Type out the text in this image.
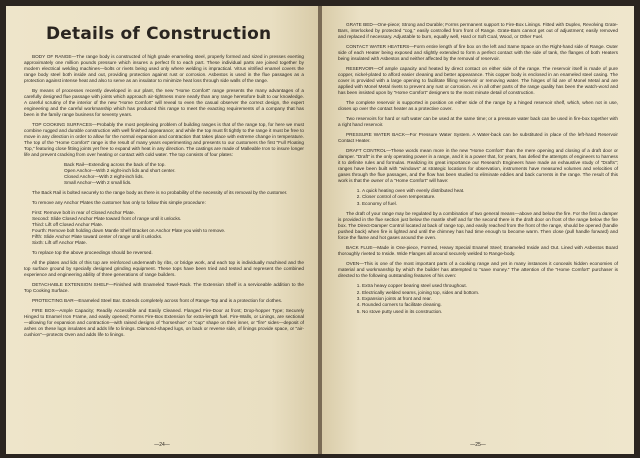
Details of Construction

BODY OF RANGE—The range body is constructed of high grade enameling steel, properly formed and sized in presses exerting approximately one million pounds pressure which insures a perfect fit to each part. These individual parts are joined together by modern electrical welding machines—bolts or rivets being used only where welding is impractical. Vitrus vitrified enamel covers the range body steel both inside and out, providing protection against rust or corrosion. Asbestos is used in the flue passages as a protection against intense heat and also to serve as an insulator to minimize heat loss through side walls of the range.

By means of processes recently developed in our plant, the new "Home Comfort" range presents the many advantages of a carefully designed flue passage with joints which approach air-tightness more nearly than any range heretofore built to our knowledge. A careful scrutiny of the interior of the new "Home Comfort" will reveal to even the casual observer the correct design, the expert engineering and the careful workmanship which has produced this range to meet the exacting requirements of a company that has been in the family range business for seventy years.

TOP COOKING SURFACES—Probably the most perplexing problem of building ranges is that of the range top, for here we must combine rugged and durable construction with well finished appearance; and while the top must fit tightly to the range it must be free to move in any direction in order to allow for the normal expansion and contraction that takes place with extreme change in temperature. The top of the "Home Comfort" range is the result of many years experimenting and presents to our customers the first "Full Floating Top," featuring close fitting joints yet free to expand with heat in any direction. The castings are made of Malleable Iron to insure longer life and prevent cracking from over heating or contact with cold water. The top consists of four plates:

Back Rail—Extending across the back of the top.
Open Anchor—With 2 eight-inch lids and short center.
Closed Anchor—With 2 eight-inch lids.
Small Anchor—With 2 small lids.

The Back Rail is bolted securely to the range body as there is no probability of the necessity of its removal by the customer.

To remove any Anchor Plates the customer has only to follow this simple procedure:

First: Remove bolt in rear of Closed Anchor Plate.
Second: Slide Closed Anchor Plate toward front of range until it unlocks.
Third: Lift off Closed Anchor Plate.
Fourth: Remove bolt holding down Mantle Shelf Bracket on Anchor Plate you wish to remove.
Fifth: Slide Anchor Plate toward center of range until it unlocks.
Sixth: Lift off Anchor Plate.

To replace top the above proceedings should be reversed.

All the plates and lids of this top are reinforced underneath by ribs, or bridge work, and each top is individually machined and the top surface ground by specially designed grinding equipment. These tops have been tried and tested and represent the combined experience and engineering ability of three generations of range builders.

DETACHABLE EXTENSION SHELF—Finished with Enameled Towel-Rack. The Extension Shelf is a serviceable addition to the Top Cooking Surface.

PROTECTING BAR—Enameled Steel Bar. Extends completely across front of Range-Top and is a protection for clothes.

FIRE BOX—Ample Capacity; Readily Accessible and Easily Cleaned. Flanged Fire-Door at front; Drop-hopper Type; Securely Hinged to Enamel Iron Frame, and easily opened; Forms Fire-Box Extension for extra-length fuel. Fire-Walls, or Linings, are sectional—allowing for expansion and contraction—with raised designs of "horseshoe" or "cup" shape on their inner, or "fire" sides—deposit of ashes on these lugs insulates and adds life to linings. Diamond-shaped lugs, on back or reverse side, of linings provide space, or "air-cushion"—protects Oven and adds life to linings.

—24—

GRATE BED—One-piece; Strong and Durable; Forms permanent support to Fire-Box Linings. Fitted with Duplex, Revolving Grate-Bars, interlocked by protected "cog," easily controlled from front of Range. Grate-Bars cannot get out of adjustment; easily removed and replaced if necessary. Adjustable to burn, equally well, Hard or Soft Coal, Wood, or Other Fuel.

CONTACT WATER HEATERS—Form entire length of fire box on the left and Same Space on the Right-hand side of Range. Outer side of each Heater being exposed and slightly extended to form a perfect contact with the side of tank, the flanges of both Heaters being insulated with Asbestos and neither affected by the removal of reservoir.

RESERVOIR—Of ample capacity and heated by direct contact on either side of the range. The reservoir itself is made of pure copper, nickel-plated to afford easier cleaning and better appearance. This copper body is enclosed in an enameled steel casing. The cover is provided with a large opening to facilitate filling reservoir or removing water. The hinges of lid are of Monel Metal and are applied with Monel Metal rivets to prevent any rust or corrosion. As in all other parts of the range quality has been the watch-word and has been insisted upon by "Home Comfort" designers to the most minute detail of construction.

The complete reservoir is supported in position on either side of the range by a hinged reservoir shelf, which, when not in use, closes up over the contact heater as a protective cover.

Two reservoirs for hard or soft water can be used at the same time; or a pressure water back can be used in fire-box together with a right hand reservoir.

PRESSURE WATER BACK—For Pressure Water System. A Water-back can be substituted in place of the left-hand Reservoir Contact Heater.

DRAFT CONTROL—These words mean more in the new "Home Comfort" than the mere opening and closing of a draft door or damper. "Draft" is the only operating power in a range, and it is a power that, for years, has defied the attempts of engineers to harness it to definite rules and formulas. Realizing its great importance our Research Engineers have made an exhaustive study of "Drafts"; ranges have been built with "windows" at strategic locations for observation, instruments have measured volumes and velocities of gases through the flue passages, and the flow has been studied to eliminate eddies and back currents in the range. The result of this work is that the owner of a "Home Comfort" will have:

1. A quick heating oven with evenly distributed heat.
2. Closer control of oven temperature.
3. Economy of fuel.

The draft of your range may be regulated by a combination of two general means—above and below the fire. For the first a damper is provided in the flue section just below the mantle shelf and for the second there is the draft door on front of the range below the fire box. The Direct-Damper Control located at back of range top, and easily reached from the front of the range, should be opened (handle pushed back) when fire is lighted and until the chimney has had time enough to become warm. Then close (pull handle forward) and force the flame and hot gases around the oven.

BACK FLUE—Made in One-piece, Formed, Heavy Special Enamel Steel; Enameled Inside and Out. Lined with Asbestos Board thoroughly riveted to Inside. Wide Flanges all around securely welded to Range-body.

OVEN—This is one of the most important parts of a cooking range and yet in many instances it conceals hidden economies of material and workmanship by which the builder has attempted to "save money." The attention of the "Home Comfort" purchaser is directed to the following outstanding features of his oven:

1. Extra heavy copper bearing steel used throughout.
2. Electrically welded seams, joining top, sides and bottom.
3. Expansion joints at front and rear.
4. Rounded corners to facilitate cleaning.
5. No stove putty used in its construction.
—25—
